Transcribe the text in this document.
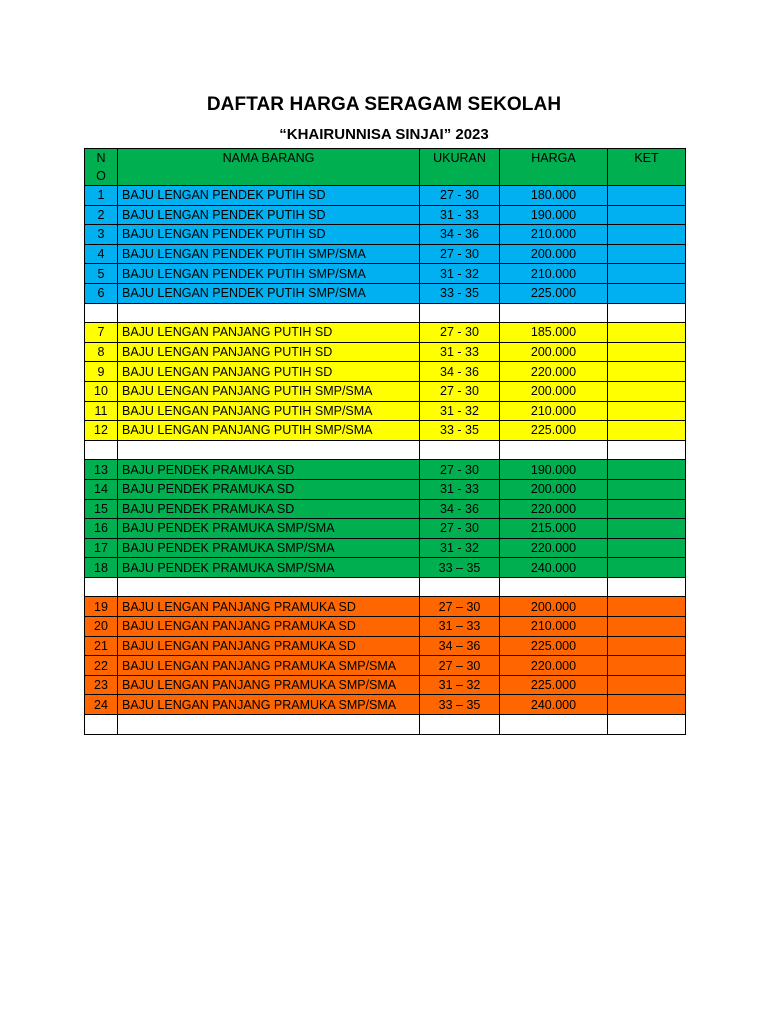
DAFTAR HARGA SERAGAM SEKOLAH
“KHAIRUNNISA SINJAI” 2023
N
O	NAMA BARANG	UKURAN	HARGA	KET
1	BAJU LENGAN PENDEK PUTIH SD	27 - 30	180.000	
2	BAJU LENGAN PENDEK PUTIH SD	31 - 33	190.000	
3	BAJU LENGAN PENDEK PUTIH SD	34 - 36	210.000	
4	BAJU LENGAN PENDEK PUTIH SMP/SMA	27 - 30	200.000	
5	BAJU LENGAN PENDEK PUTIH SMP/SMA	31 - 32	210.000	
6	BAJU LENGAN PENDEK PUTIH SMP/SMA	33 - 35	225.000	

7	BAJU LENGAN PANJANG PUTIH SD	27 - 30	185.000	
8	BAJU LENGAN PANJANG PUTIH SD	31 - 33	200.000	
9	BAJU LENGAN PANJANG PUTIH SD	34 - 36	220.000	
10	BAJU LENGAN PANJANG PUTIH SMP/SMA	27 - 30	200.000	
11	BAJU LENGAN PANJANG PUTIH SMP/SMA	31 - 32	210.000	
12	BAJU LENGAN PANJANG PUTIH SMP/SMA	33 - 35	225.000	

13	BAJU PENDEK PRAMUKA SD	27 - 30	190.000	
14	BAJU PENDEK PRAMUKA SD	31 - 33	200.000	
15	BAJU PENDEK PRAMUKA SD	34 - 36	220.000	
16	BAJU PENDEK PRAMUKA SMP/SMA	27 - 30	215.000	
17	BAJU PENDEK PRAMUKA SMP/SMA	31 - 32	220.000	
18	BAJU PENDEK PRAMUKA SMP/SMA	33 – 35	240.000	

19	BAJU LENGAN PANJANG PRAMUKA SD	27 – 30	200.000	
20	BAJU LENGAN PANJANG PRAMUKA SD	31 – 33	210.000	
21	BAJU LENGAN PANJANG PRAMUKA SD	34 – 36	225.000	
22	BAJU LENGAN PANJANG PRAMUKA SMP/SMA	27 – 30	220.000	
23	BAJU LENGAN PANJANG PRAMUKA SMP/SMA	31 – 32	225.000	
24	BAJU LENGAN PANJANG PRAMUKA SMP/SMA	33 – 35	240.000	
